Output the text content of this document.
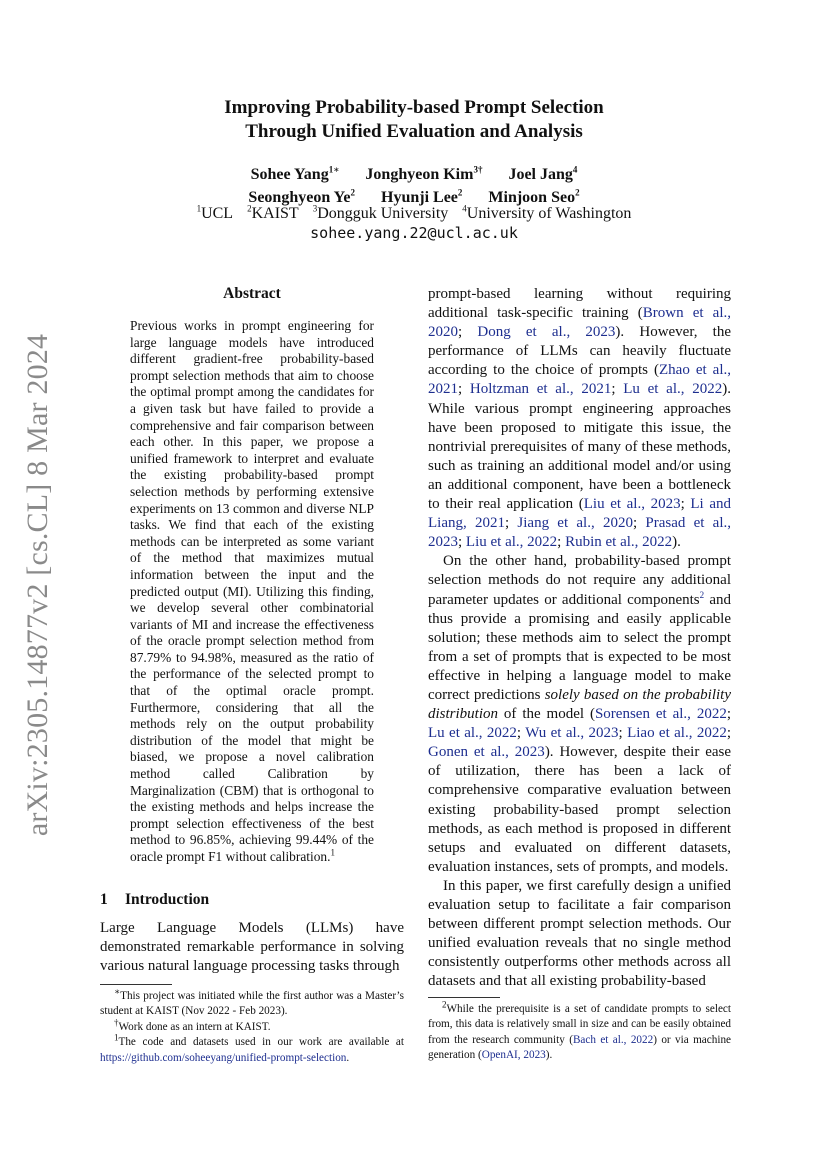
arXiv:2305.14877v2 [cs.CL] 8 Mar 2024
Improving Probability-based Prompt Selection
Through Unified Evaluation and Analysis
Sohee Yang$^{1∗}$ Jonghyeon Kim$^{3\dagger}$ Joel Jang$^4$
Seonghyeon Ye$^2$ Hyunji Lee$^2$ Minjoon Seo$^2$
$^1$UCL $^2$KAIST $^3$Dongguk University $^4$University of Washington
sohee.yang.22@ucl.ac.uk
Abstract
Previous works in prompt engineering for large language models have introduced different gradient-free probability-based prompt selection methods that aim to choose the optimal prompt among the candidates for a given task but have failed to provide a comprehensive and fair comparison between each other. In this paper, we propose a unified framework to interpret and evaluate the existing probability-based prompt selection methods by performing extensive experiments on 13 common and diverse NLP tasks. We find that each of the existing methods can be interpreted as some variant of the method that maximizes mutual information between the input and the predicted output (MI). Utilizing this finding, we develop several other combinatorial variants of MI and increase the effectiveness of the oracle prompt selection method from 87.79% to 94.98%, measured as the ratio of the performance of the selected prompt to that of the optimal oracle prompt. Furthermore, considering that all the methods rely on the output probability distribution of the model that might be biased, we propose a novel calibration method called Calibration by Marginalization (CBM) that is orthogonal to the existing methods and helps increase the prompt selection effectiveness of the best method to 96.85%, achieving 99.44% of the oracle prompt F1 without calibration.$^1$
1 Introduction
Large Language Models (LLMs) have demonstrated remarkable performance in solving various natural language processing tasks through

∗This project was initiated while the first author was a Master’s student at KAIST (Nov 2022 - Feb 2023).

†Work done as an intern at KAIST.

$^1$The code and datasets used in our work are available at https://github.com/soheeyang/unified-prompt-selection.

prompt-based learning without requiring additional task-specific training (Brown et al., 2020; Dong et al., 2023). However, the performance of LLMs can heavily fluctuate according to the choice of prompts (Zhao et al., 2021; Holtzman et al., 2021; Lu et al., 2022). While various prompt engineering approaches have been proposed to mitigate this issue, the nontrivial prerequisites of many of these methods, such as training an additional model and/or using an additional component, have been a bottleneck to their real application (Liu et al., 2023; Li and Liang, 2021; Jiang et al., 2020; Prasad et al., 2023; Liu et al., 2022; Rubin et al., 2022).

On the other hand, probability-based prompt selection methods do not require any additional parameter updates or additional components$^2$ and thus provide a promising and easily applicable solution; these methods aim to select the prompt from a set of prompts that is expected to be most effective in helping a language model to make correct predictions solely based on the probability distribution of the model (Sorensen et al., 2022; Lu et al., 2022; Wu et al., 2023; Liao et al., 2022; Gonen et al., 2023). However, despite their ease of utilization, there has been a lack of comprehensive comparative evaluation between existing probability-based prompt selection methods, as each method is proposed in different setups and evaluated on different datasets, evaluation instances, sets of prompts, and models.

In this paper, we first carefully design a unified evaluation setup to facilitate a fair comparison between different prompt selection methods. Our unified evaluation reveals that no single method consistently outperforms other methods across all datasets and that all existing probability-based

$^2$While the prerequisite is a set of candidate prompts to select from, this data is relatively small in size and can be easily obtained from the research community (Bach et al., 2022) or via machine generation (OpenAI, 2023).
